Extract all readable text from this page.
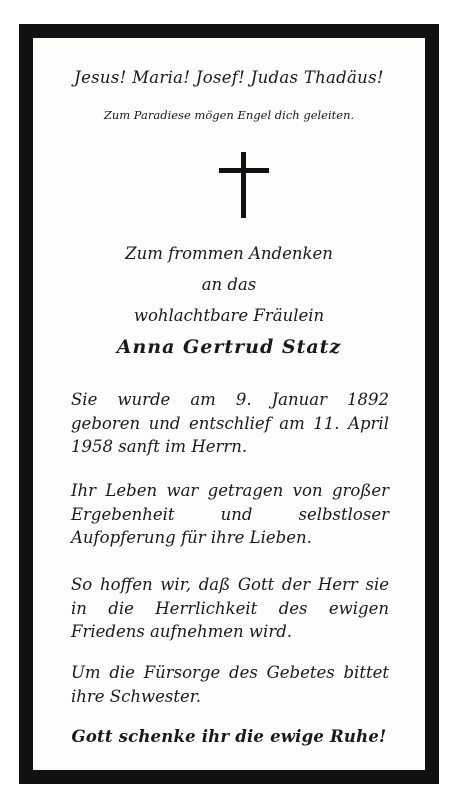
Jesus! Maria! Josef! Judas Thadäus!
Zum Paradiese mögen Engel dich geleiten.
Zum frommen Andenken
an das
wohlachtbare Fräulein
Anna Gertrud Statz

Sie wurde am 9. Januar 1892 geboren und entschlief am 11. April 1958 sanft im Herrn.

Ihr Leben war getragen von großer Ergebenheit und selbstloser Aufopferung für ihre Lieben.

So hoffen wir, daß Gott der Herr sie in die Herrlichkeit des ewigen Friedens aufnehmen wird.

Um die Fürsorge des Gebetes bittet ihre Schwester.

Gott schenke ihr die ewige Ruhe!
